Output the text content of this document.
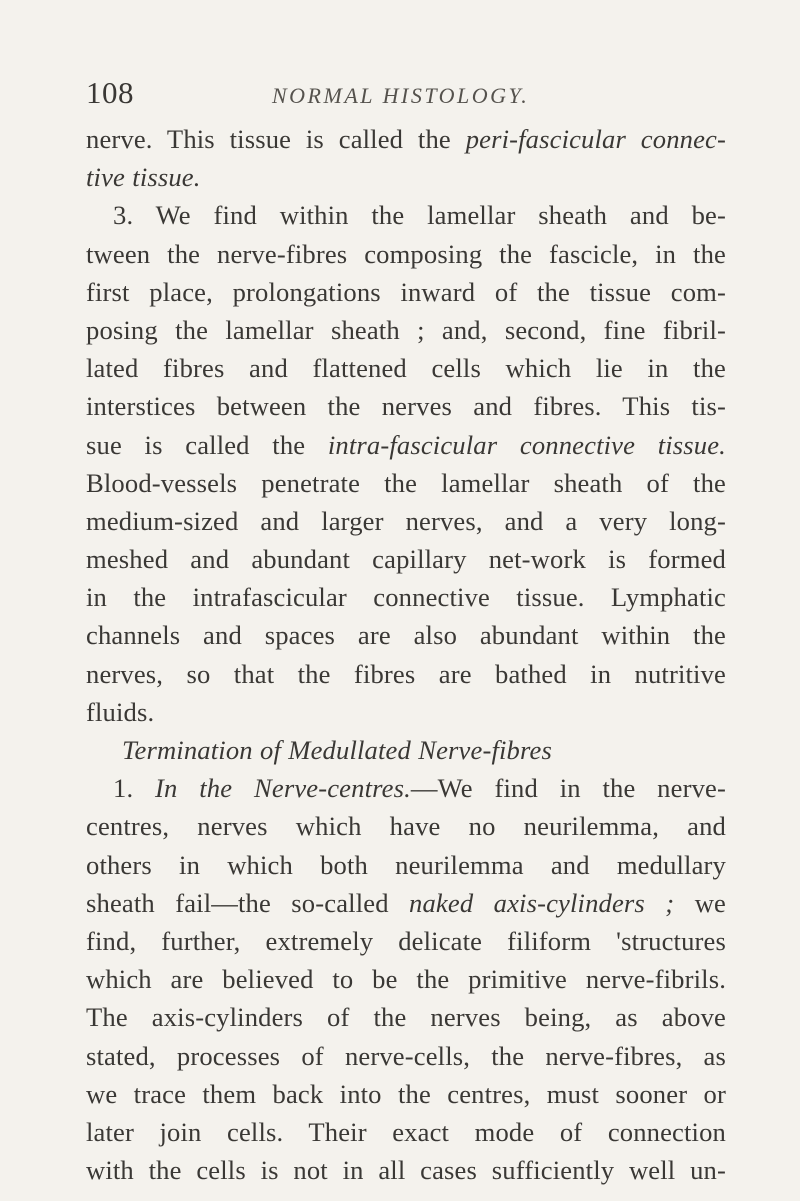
108	NORMAL HISTOLOGY.
nerve. This tissue is called the peri-fascicular connec-
tive tissue.
3. We find within the lamellar sheath and be-
tween the nerve-fibres composing the fascicle, in the
first place, prolongations inward of the tissue com-
posing the lamellar sheath ; and, second, fine fibril-
lated fibres and flattened cells which lie in the
interstices between the nerves and fibres. This tis-
sue is called the intra-fascicular connective tissue.
Blood-vessels penetrate the lamellar sheath of the
medium-sized and larger nerves, and a very long-
meshed and abundant capillary net-work is formed
in the intrafascicular connective tissue. Lymphatic
channels and spaces are also abundant within the
nerves, so that the fibres are bathed in nutritive
fluids.
Termination of Medullated Nerve-fibres
1. In the Nerve-centres.—We find in the nerve-
centres, nerves which have no neurilemma, and
others in which both neurilemma and medullary
sheath fail—the so-called naked axis-cylinders ; we
find, further, extremely delicate filiform 'structures
which are believed to be the primitive nerve-fibrils.
The axis-cylinders of the nerves being, as above
stated, processes of nerve-cells, the nerve-fibres, as
we trace them back into the centres, must sooner or
later join cells. Their exact mode of connection
with the cells is not in all cases sufficiently well un-
